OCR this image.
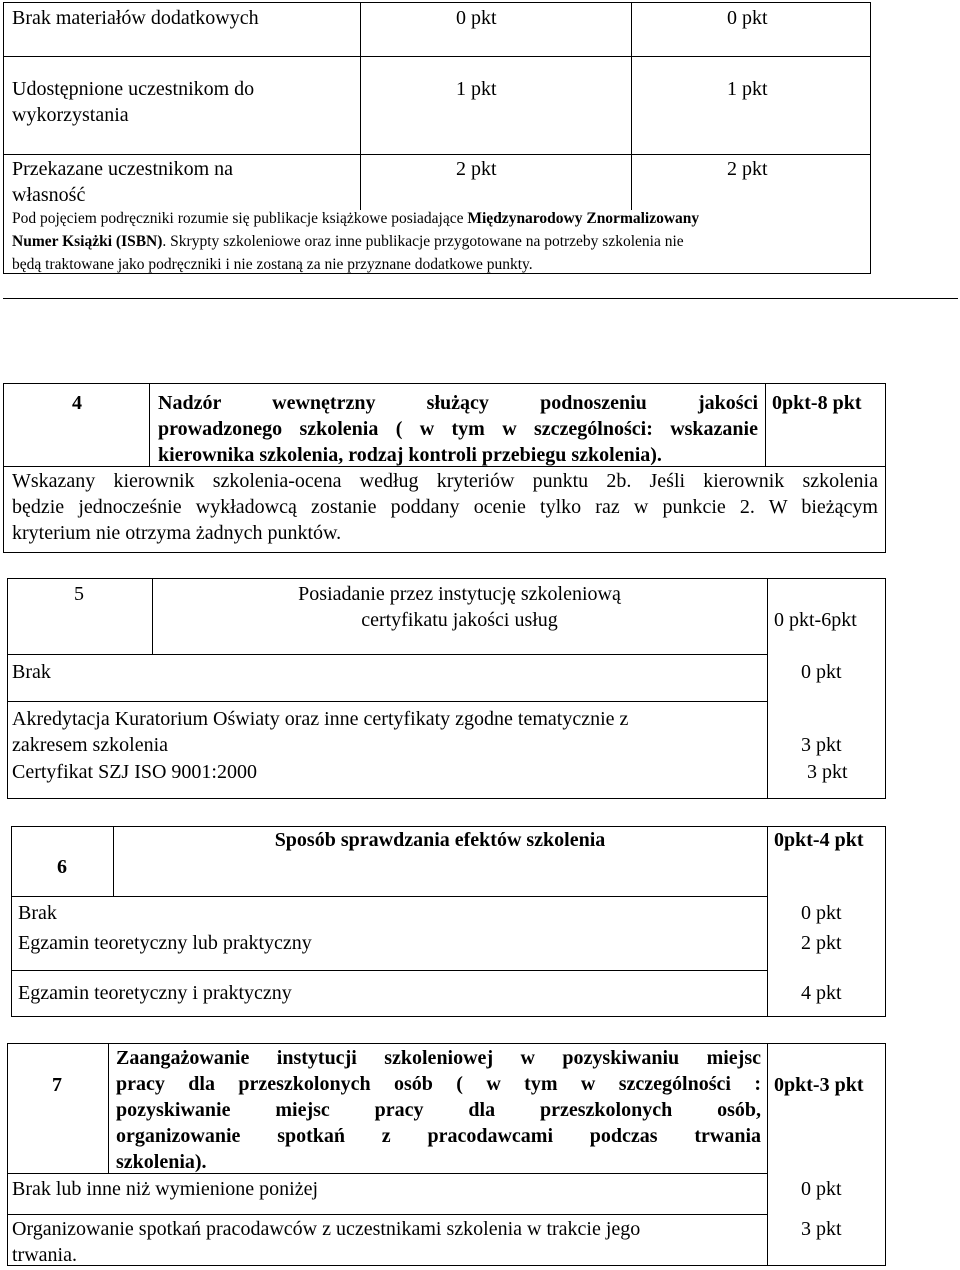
Brak materiałów dodatkowych	0 pkt	0 pkt
Udostępnione uczestnikom do
wykorzystania
1 pkt	1 pkt
Przekazane uczestnikom na
własność
2 pkt	2 pkt
Pod pojęciem podręczniki rozumie się publikacje książkowe posiadające Międzynarodowy Znormalizowany
Numer Książki (ISBN). Skrypty szkoleniowe oraz inne publikacje przygotowane na potrzeby szkolenia nie
będą traktowane jako podręczniki i nie zostaną za nie przyznane dodatkowe punkty.
4	Nadzór wewnętrzny służący podnoszeniu jakości
prowadzonego szkolenia ( w tym w szczególności: wskazanie
kierownika szkolenia, rodzaj kontroli przebiegu szkolenia).
0pkt-8 pkt
Wskazany kierownik szkolenia-ocena według kryteriów punktu 2b. Jeśli kierownik szkolenia
będzie jednocześnie wykładowcą zostanie poddany ocenie tylko raz w punkcie 2. W bieżącym
kryterium nie otrzyma żadnych punktów.
5	Posiadanie przez instytucję szkoleniową
certyfikatu jakości usług	0 pkt-6pkt
Brak	0 pkt
Akredytacja Kuratorium Oświaty oraz inne certyfikaty zgodne tematycznie z
zakresem szkolenia	3 pkt
Certyfikat SZJ ISO 9001:2000	3 pkt
6
Sposób sprawdzania efektów szkolenia	0pkt-4 pkt
Brak	0 pkt
Egzamin teoretyczny lub praktyczny	2 pkt
Egzamin teoretyczny i praktyczny	4 pkt
7
Zaangażowanie instytucji szkoleniowej w pozyskiwaniu miejsc
pracy dla przeszkolonych osób ( w tym w szczególności :
pozyskiwanie miejsc pracy dla przeszkolonych osób,
organizowanie spotkań z pracodawcami podczas trwania
szkolenia).
0pkt-3 pkt
Brak lub inne niż wymienione poniżej	0 pkt
Organizowanie spotkań pracodawców z uczestnikami szkolenia w trakcie jego
trwania.
3 pkt
